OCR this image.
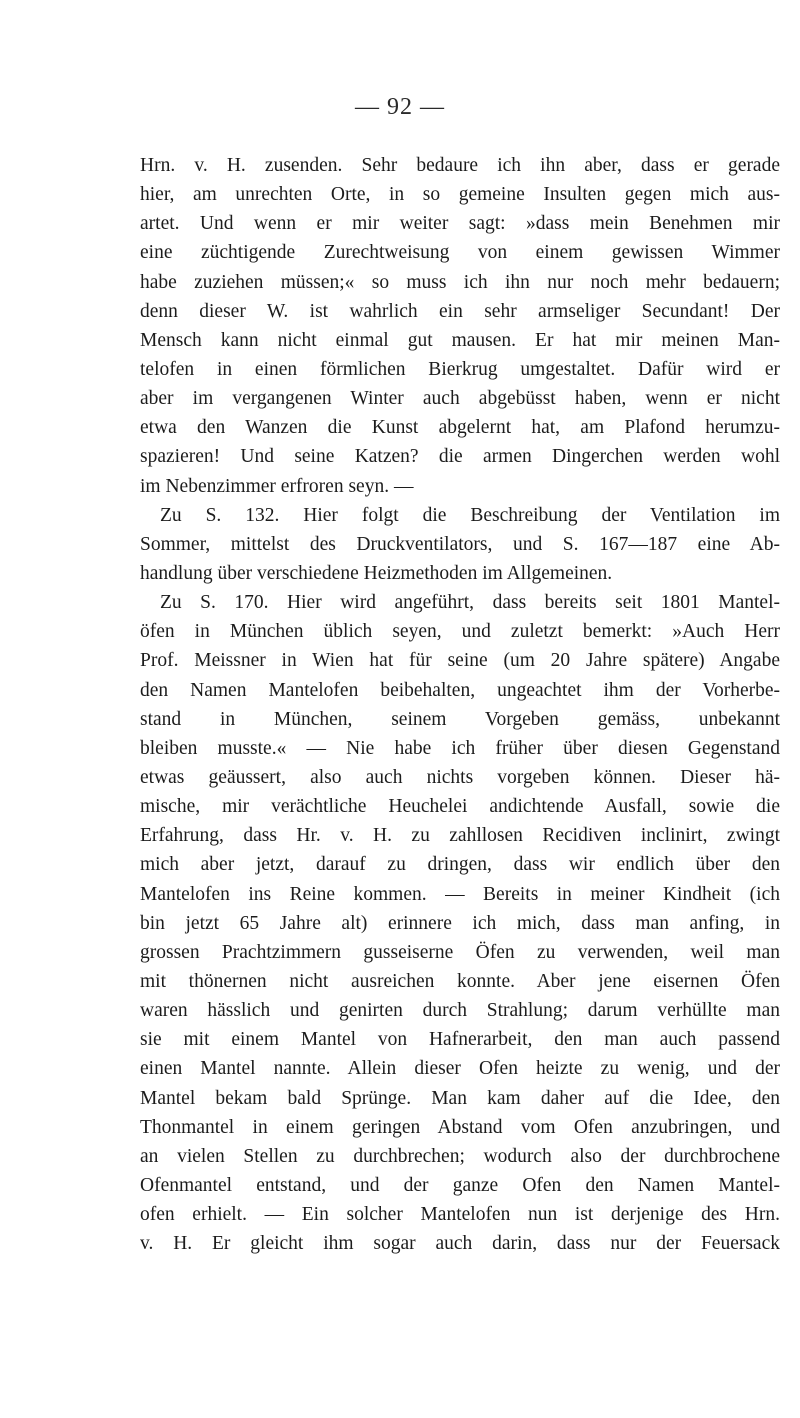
— 92 —
Hrn. v. H. zusenden. Sehr bedaure ich ihn aber, dass er gerade
hier, am unrechten Orte, in so gemeine Insulten gegen mich aus-
artet. Und wenn er mir weiter sagt: »dass mein Benehmen mir
eine züchtigende Zurechtweisung von einem gewissen Wimmer
habe zuziehen müssen;« so muss ich ihn nur noch mehr bedauern;
denn dieser W. ist wahrlich ein sehr armseliger Secundant! Der
Mensch kann nicht einmal gut mausen. Er hat mir meinen Man-
telofen in einen förmlichen Bierkrug umgestaltet. Dafür wird er
aber im vergangenen Winter auch abgebüsst haben, wenn er nicht
etwa den Wanzen die Kunst abgelernt hat, am Plafond herumzu-
spazieren! Und seine Katzen? die armen Dingerchen werden wohl
im Nebenzimmer erfroren seyn. —
Zu S. 132. Hier folgt die Beschreibung der Ventilation im
Sommer, mittelst des Druckventilators, und S. 167—187 eine Ab-
handlung über verschiedene Heizmethoden im Allgemeinen.
Zu S. 170. Hier wird angeführt, dass bereits seit 1801 Mantel-
öfen in München üblich seyen, und zuletzt bemerkt: »Auch Herr
Prof. Meissner in Wien hat für seine (um 20 Jahre spätere) Angabe
den Namen Mantelofen beibehalten, ungeachtet ihm der Vorherbe-
stand in München, seinem Vorgeben gemäss, unbekannt
bleiben musste.« — Nie habe ich früher über diesen Gegenstand
etwas geäussert, also auch nichts vorgeben können. Dieser hä-
mische, mir verächtliche Heuchelei andichtende Ausfall, sowie die
Erfahrung, dass Hr. v. H. zu zahllosen Recidiven inclinirt, zwingt
mich aber jetzt, darauf zu dringen, dass wir endlich über den
Mantelofen ins Reine kommen. — Bereits in meiner Kindheit (ich
bin jetzt 65 Jahre alt) erinnere ich mich, dass man anfing, in
grossen Prachtzimmern gusseiserne Öfen zu verwenden, weil man
mit thönernen nicht ausreichen konnte. Aber jene eisernen Öfen
waren hässlich und genirten durch Strahlung; darum verhüllte man
sie mit einem Mantel von Hafnerarbeit, den man auch passend
einen Mantel nannte. Allein dieser Ofen heizte zu wenig, und der
Mantel bekam bald Sprünge. Man kam daher auf die Idee, den
Thonmantel in einem geringen Abstand vom Ofen anzubringen, und
an vielen Stellen zu durchbrechen; wodurch also der durchbrochene
Ofenmantel entstand, und der ganze Ofen den Namen Mantel-
ofen erhielt. — Ein solcher Mantelofen nun ist derjenige des Hrn.
v. H. Er gleicht ihm sogar auch darin, dass nur der Feuersack
